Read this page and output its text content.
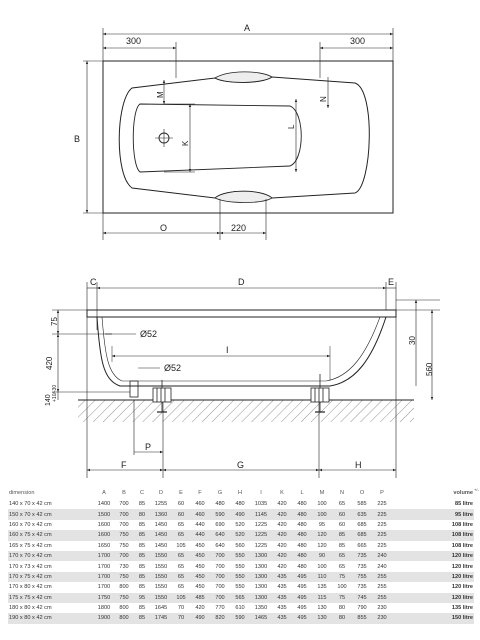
A
300	300
B
M
K
L
N
O	220
C	D	E
75
420
140 +10/-30
Ø52
Ø52
I
30
560
P
F	G	H
dimension	A	B	C	D	E	F	G	H	I	K	L	M	N	O	P	volume	+/-
140 x 70 x 42 cm	1400	700	85	1255	60	460	480	480	1035	420	480	100	65	585	225	85 litre
150 x 70 x 42 cm	1500	700	80	1360	60	460	590	490	1145	420	480	100	60	635	225	95 litre
160 x 70 x 42 cm	1600	700	85	1450	65	440	690	520	1225	420	480	95	60	685	225	108 litre
160 x 75 x 42 cm	1600	750	85	1450	65	440	640	520	1225	420	480	120	85	685	225	108 litre
165 x 75 x 42 cm	1650	750	85	1450	105	450	640	560	1225	420	480	120	85	665	225	108 litre
170 x 70 x 42 cm	1700	700	85	1550	65	450	700	550	1300	420	480	90	65	735	240	120 litre
170 x 73 x 42 cm	1700	730	85	1550	65	450	700	550	1300	420	480	100	65	735	240	120 litre
170 x 75 x 42 cm	1700	750	85	1550	65	450	700	550	1300	435	495	110	75	755	255	120 litre
170 x 80 x 42 cm	1700	800	85	1550	65	450	700	550	1300	435	495	135	100	735	255	120 litre
175 x 75 x 42 cm	1750	750	95	1550	105	485	700	565	1300	435	495	115	75	745	255	120 litre
180 x 80 x 42 cm	1800	800	85	1645	70	420	770	610	1350	435	495	130	80	790	230	135 litre
190 x 80 x 42 cm	1900	800	85	1745	70	490	820	590	1465	435	495	130	80	855	230	150 litre
